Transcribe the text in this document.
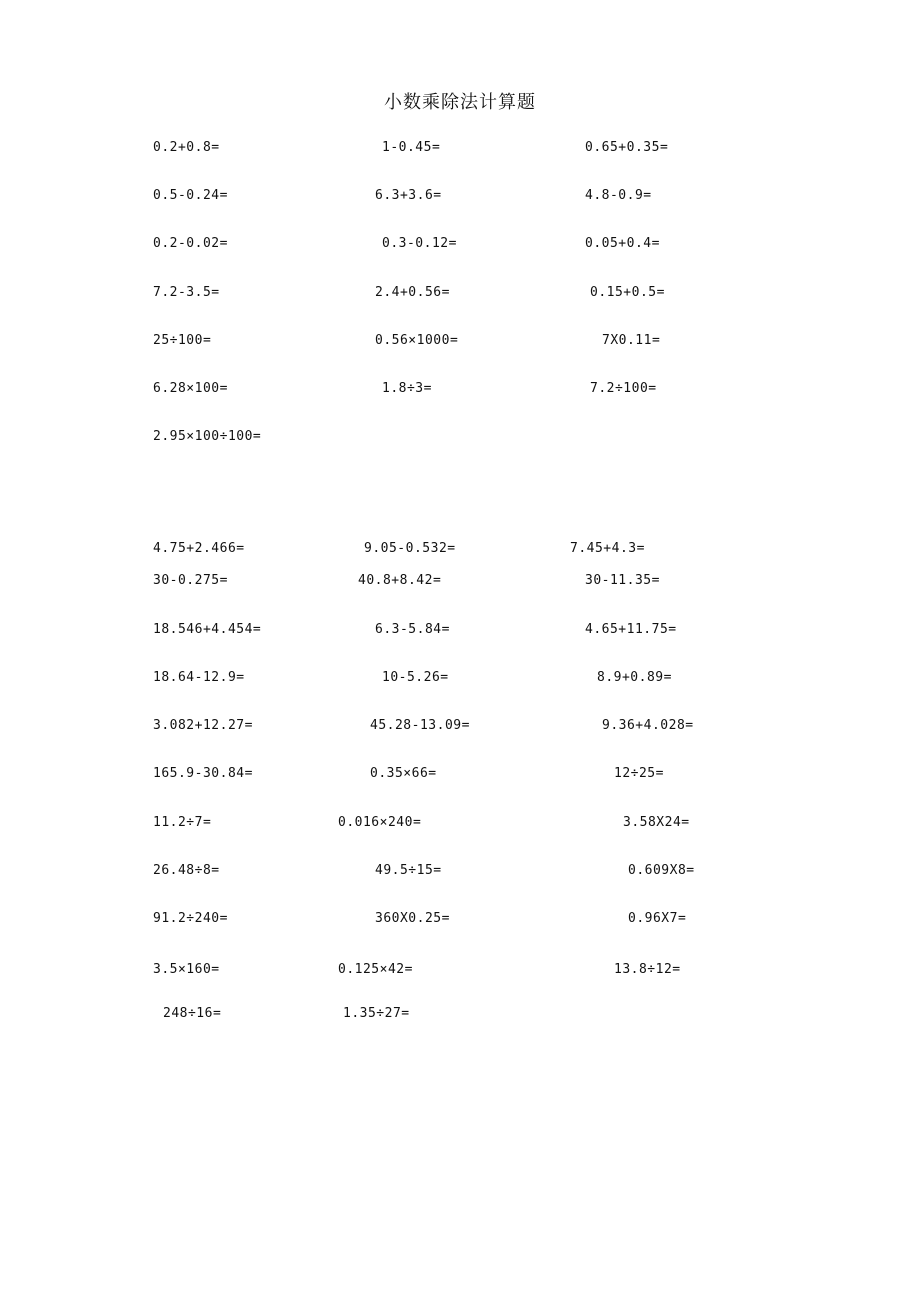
小数乘除法计算题
0.2+0.8=	1-0.45=	0.65+0.35=
0.5-0.24=	6.3+3.6=	4.8-0.9=
0.2-0.02=	0.3-0.12=	0.05+0.4=
7.2-3.5=	2.4+0.56=	0.15+0.5=
25÷100=	0.56×1000=	7X0.11=
6.28×100=	1.8÷3=	7.2÷100=
2.95×100÷100=
4.75+2.466=	9.05-0.532=	7.45+4.3=
30-0.275=	40.8+8.42=	30-11.35=
18.546+4.454=	6.3-5.84=	4.65+11.75=
18.64-12.9=	10-5.26=	8.9+0.89=
3.082+12.27=	45.28-13.09=	9.36+4.028=
165.9-30.84=	0.35×66=	12÷25=
11.2÷7=	0.016×240=	3.58X24=
26.48÷8=	49.5÷15=	0.609X8=
91.2÷240=	360X0.25=	0.96X7=
3.5×160=	0.125×42=	13.8÷12=
248÷16=	1.35÷27=
